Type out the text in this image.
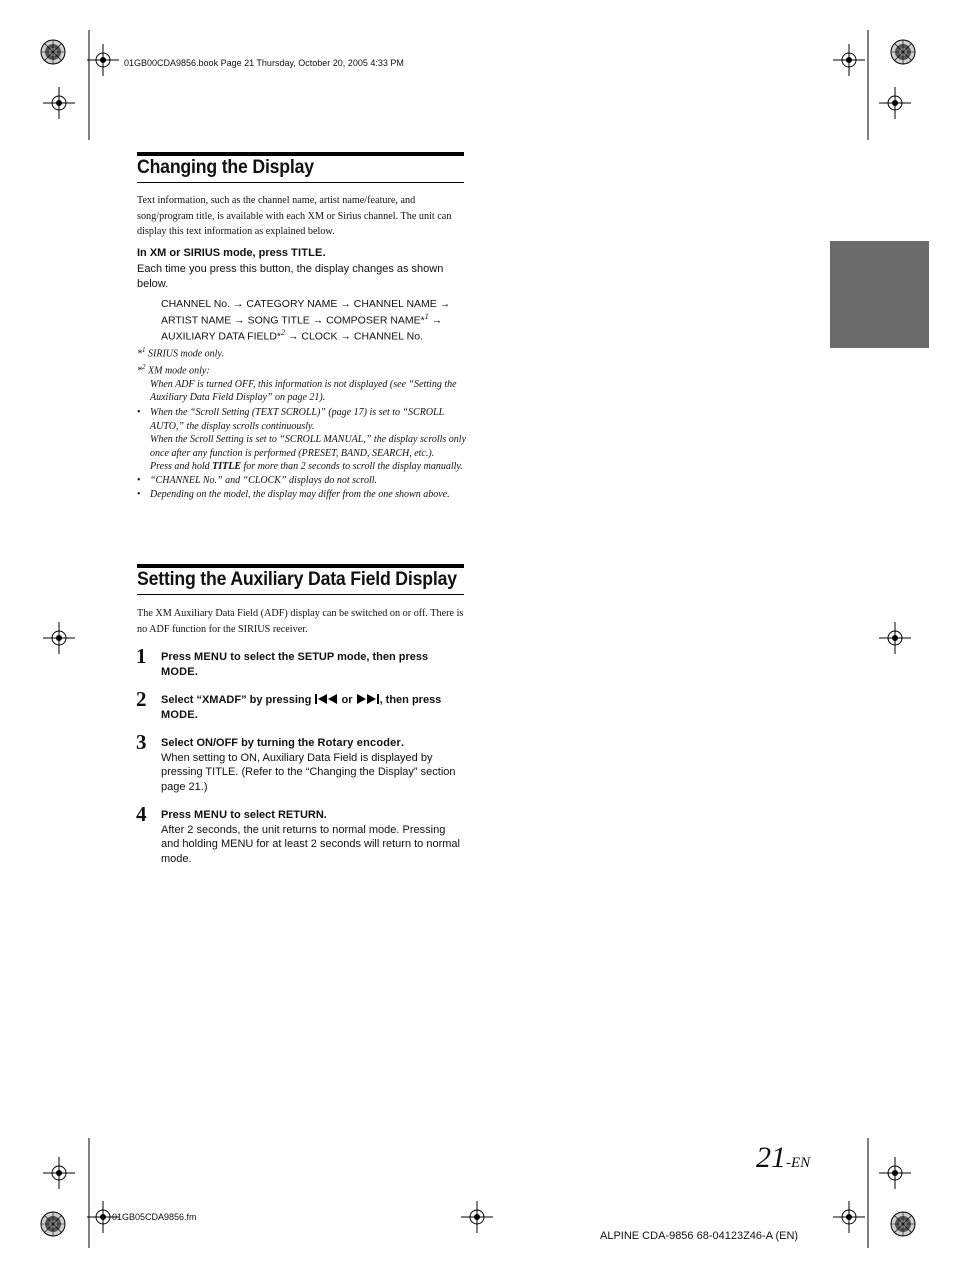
01GB00CDA9856.book Page 21 Thursday, October 20, 2005 4:33 PM
Changing the Display
Text information, such as the channel name, artist name/feature, and song/program title, is available with each XM or Sirius channel. The unit can display this text information as explained below.
In XM or SIRIUS mode, press TITLE.
Each time you press this button, the display changes as shown below.
CHANNEL No. → CATEGORY NAME → CHANNEL NAME →
ARTIST NAME → SONG TITLE → COMPOSER NAME*$^1$ →
AUXILIARY DATA FIELD*$^2$ → CLOCK → CHANNEL No.
*$^1$ SIRIUS mode only.
*$^2$ XM mode only:
When ADF is turned OFF, this information is not displayed (see “Setting the Auxiliary Data Field Display” on page 21).
• When the “Scroll Setting (TEXT SCROLL)” (page 17) is set to “SCROLL AUTO,” the display scrolls continuously.
When the Scroll Setting is set to “SCROLL MANUAL,” the display scrolls only once after any function is performed (PRESET, BAND, SEARCH, etc.).
Press and hold TITLE for more than 2 seconds to scroll the display manually.
• “CHANNEL No.” and “CLOCK” displays do not scroll.
• Depending on the model, the display may differ from the one shown above.
Setting the Auxiliary Data Field Display
The XM Auxiliary Data Field (ADF) display can be switched on or off. There is no ADF function for the SIRIUS receiver.
1 Press MENU to select the SETUP mode, then press MODE.
2 Select “XMADF” by pressing  or , then press MODE.
3 Select ON/OFF by turning the Rotary encoder.
When setting to ON, Auxiliary Data Field is displayed by pressing TITLE. (Refer to the “Changing the Display” section page 21.)
4 Press MENU to select RETURN.
After 2 seconds, the unit returns to normal mode. Pressing and holding MENU for at least 2 seconds will return to normal mode.
21-EN
01GB05CDA9856.fm
ALPINE CDA-9856 68-04123Z46-A (EN)
